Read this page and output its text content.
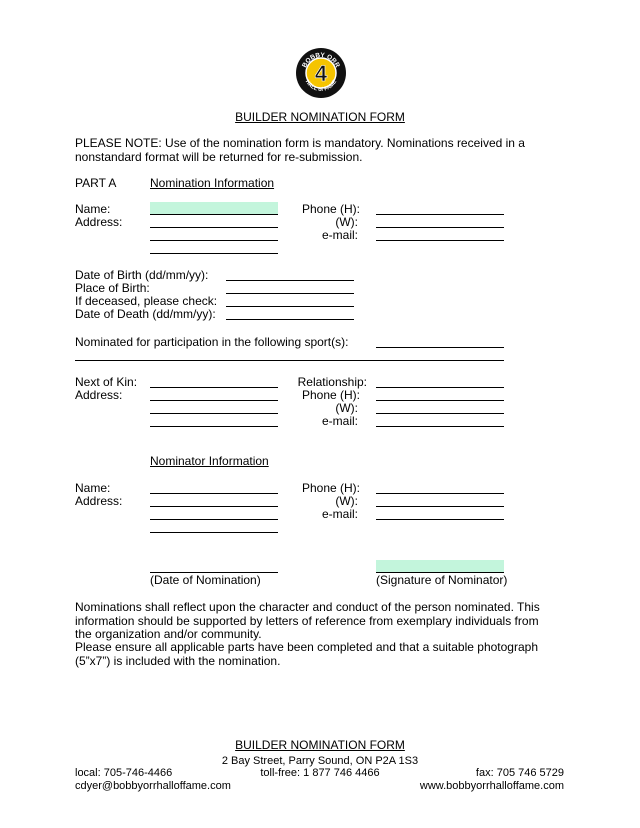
BOBBY ORR
4
HALL of FAME
BUILDER NOMINATION FORM
PLEASE NOTE: Use of the nomination form is mandatory. Nominations received in a nonstandard format will be returned for re-submission.
PART A	Nomination Information
Name:
Address:
Phone (H):
(W):
e-mail:
Date of Birth (dd/mm/yy):
Place of Birth:
If deceased, please check:
Date of Death (dd/mm/yy):
Nominated for participation in the following sport(s):
Next of Kin:
Address:
Relationship:
Phone (H):
(W):
e-mail:
Nominator Information
Name:
Address:
Phone (H):
(W):
e-mail:
(Date of Nomination)	(Signature of Nominator)
Nominations shall reflect upon the character and conduct of the person nominated. This information should be supported by letters of reference from exemplary individuals from the organization and/or community.
Please ensure all applicable parts have been completed and that a suitable photograph (5”x7”) is included with the nomination.
BUILDER NOMINATION FORM
2 Bay Street, Parry Sound, ON P2A 1S3
local: 705-746-4466	toll-free: 1 877 746 4466	fax: 705 746 5729
cdyer@bobbyorrhalloffame.com	www.bobbyorrhalloffame.com
